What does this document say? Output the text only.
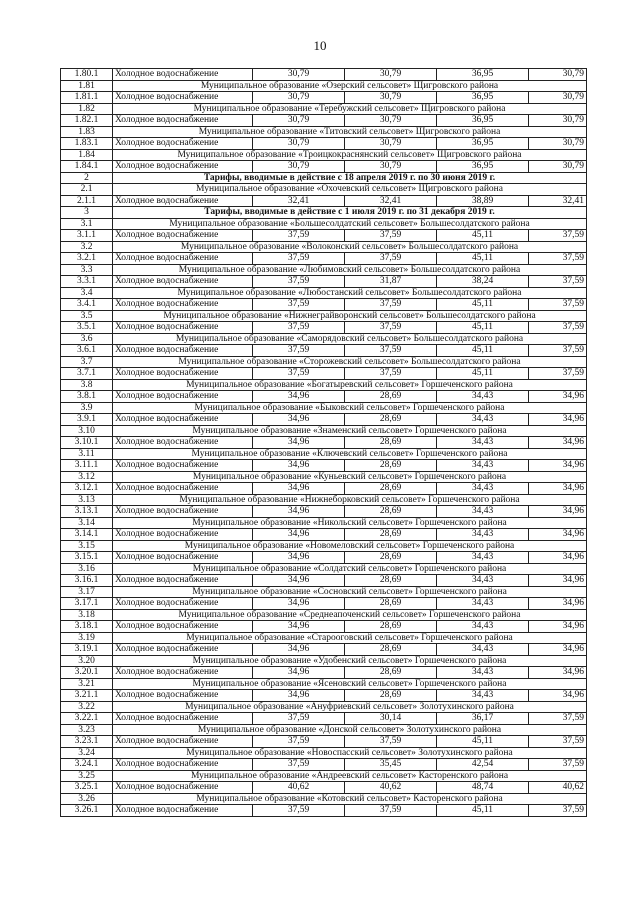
10
1.80.1	Холодное водоснабжение	30,79	30,79	36,95	30,79
1.81	Муниципальное образование «Озерский сельсовет» Щигровского района				
1.81.1	Холодное водоснабжение	30,79	30,79	36,95	30,79
1.82	Муниципальное образование «Теребужский сельсовет» Щигровского района				
1.82.1	Холодное водоснабжение	30,79	30,79	36,95	30,79
1.83	Муниципальное образование «Титовский сельсовет» Щигровского района				
1.83.1	Холодное водоснабжение	30,79	30,79	36,95	30,79
1.84	Муниципальное образование «Троицкокраснянский сельсовет» Щигровского района				
1.84.1	Холодное водоснабжение	30,79	30,79	36,95	30,79
2	Тарифы, вводимые в действие с 18 апреля 2019 г. по 30 июня 2019 г.				
2.1	Муниципальное образование «Охочевский сельсовет» Щигровского района				
2.1.1	Холодное водоснабжение	32,41	32,41	38,89	32,41
3	Тарифы, вводимые в действие с 1 июля 2019 г. по 31 декабря 2019 г.				
3.1	Муниципальное образование «Большесолдатский сельсовет» Большесолдатского района				
3.1.1	Холодное водоснабжение	37,59	37,59	45,11	37,59
3.2	Муниципальное образование «Волоконский сельсовет» Большесолдатского района				
3.2.1	Холодное водоснабжение	37,59	37,59	45,11	37,59
3.3	Муниципальное образование «Любимовский сельсовет» Большесолдатского района				
3.3.1	Холодное водоснабжение	37,59	31,87	38,24	37,59
3.4	Муниципальное образование «Любостанский сельсовет» Большесолдатского района				
3.4.1	Холодное водоснабжение	37,59	37,59	45,11	37,59
3.5	Муниципальное образование «Нижнеграйворонский сельсовет» Большесолдатского района				
3.5.1	Холодное водоснабжение	37,59	37,59	45,11	37,59
3.6	Муниципальное образование «Саморядовский сельсовет» Большесолдатского района				
3.6.1	Холодное водоснабжение	37,59	37,59	45,11	37,59
3.7	Муниципальное образование «Сторожевский сельсовет» Большесолдатского района				
3.7.1	Холодное водоснабжение	37,59	37,59	45,11	37,59
3.8	Муниципальное образование «Богатыревский сельсовет» Горшеченского района				
3.8.1	Холодное водоснабжение	34,96	28,69	34,43	34,96
3.9	Муниципальное образование «Быковский сельсовет» Горшеченского района				
3.9.1	Холодное водоснабжение	34,96	28,69	34,43	34,96
3.10	Муниципальное образование «Знаменский сельсовет» Горшеченского района				
3.10.1	Холодное водоснабжение	34,96	28,69	34,43	34,96
3.11	Муниципальное образование «Ключевский сельсовет» Горшеченского района				
3.11.1	Холодное водоснабжение	34,96	28,69	34,43	34,96
3.12	Муниципальное образование «Куньевский сельсовет» Горшеченского района				
3.12.1	Холодное водоснабжение	34,96	28,69	34,43	34,96
3.13	Муниципальное образование «Нижнеборковский сельсовет» Горшеченского района				
3.13.1	Холодное водоснабжение	34,96	28,69	34,43	34,96
3.14	Муниципальное образование «Никольский сельсовет» Горшеченского района				
3.14.1	Холодное водоснабжение	34,96	28,69	34,43	34,96
3.15	Муниципальное образование «Новомеловский сельсовет» Горшеченского района				
3.15.1	Холодное водоснабжение	34,96	28,69	34,43	34,96
3.16	Муниципальное образование «Солдатский сельсовет» Горшеченского района				
3.16.1	Холодное водоснабжение	34,96	28,69	34,43	34,96
3.17	Муниципальное образование «Сосновский сельсовет» Горшеченского района				
3.17.1	Холодное водоснабжение	34,96	28,69	34,43	34,96
3.18	Муниципальное образование «Среднеапоченский сельсовет» Горшеченского района				
3.18.1	Холодное водоснабжение	34,96	28,69	34,43	34,96
3.19	Муниципальное образование «Старооговский сельсовет» Горшеченского района				
3.19.1	Холодное водоснабжение	34,96	28,69	34,43	34,96
3.20	Муниципальное образование «Удобенский сельсовет» Горшеченского района				
3.20.1	Холодное водоснабжение	34,96	28,69	34,43	34,96
3.21	Муниципальное образование «Ясеновский сельсовет» Горшеченского района				
3.21.1	Холодное водоснабжение	34,96	28,69	34,43	34,96
3.22	Муниципальное образование «Ануфриевский сельсовет» Золотухинского района				
3.22.1	Холодное водоснабжение	37,59	30,14	36,17	37,59
3.23	Муниципальное образование «Донской сельсовет» Золотухинского района				
3.23.1	Холодное водоснабжение	37,59	37,59	45,11	37,59
3.24	Муниципальное образование «Новоспасский сельсовет» Золотухинского района				
3.24.1	Холодное водоснабжение	37,59	35,45	42,54	37,59
3.25	Муниципальное образование «Андреевский сельсовет» Касторенского района				
3.25.1	Холодное водоснабжение	40,62	40,62	48,74	40,62
3.26	Муниципальное образование «Котовский сельсовет» Касторенского района				
3.26.1	Холодное водоснабжение	37,59	37,59	45,11	37,59
